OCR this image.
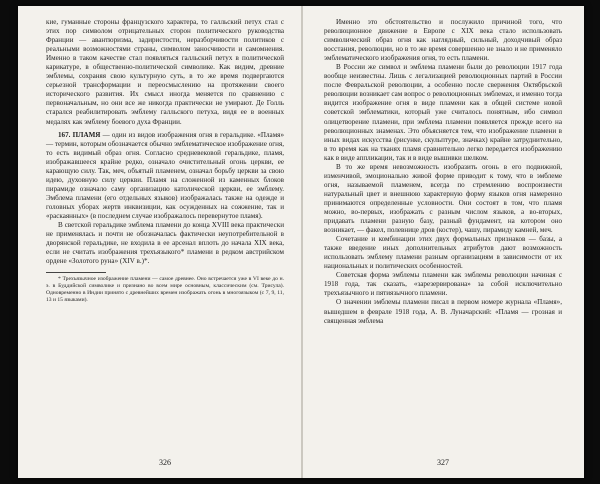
кие, гуманные стороны французского характера, то галльский петух стал с этих пор символом отрицательных сторон политического руководства Франции — авантюризма, задиристости, неразборчивости политиков с реальными возможностями страны, символом заносчивости и самомнения. Именно в таком качестве стал появляться галльский петух в политической карикатуре, в общественно-политической символике. Как видим, древние эмблемы, сохраняя свою культурную суть, в то же время подвергаются серьезной трансформации и переосмыслению на протяжении своего исторического развития. Их смысл иногда меняется по сравнению с первоначальным, но они все же никогда практически не умирают. Де Голль старался реабилитировать эмблему галльского петуха, видя ее в военных медалях как эмблему боевого духа Франции.

167. ПЛАМЯ — один из видов изображения огня в геральдике. «Пламя» — термин, которым обозначается обычно эмблематическое изображение огня, то есть видимый образ огня. Согласно средневековой геральдике, пламя, изображавшееся крайне редко, означало очистительный огонь церкви, ее карающую силу. Так, меч, объятый пламенем, означал борьбу церкви за свою идею, духовную силу церкви. Пламя на сложенной из каменных блоков пирамиде означало саму организацию католической церкви, ее эмблему. Эмблема пламени (его отдельных языков) изображалась также на одежде и головных уборах жертв инквизиции, как осужденных на сожжение, так и «раскаянных» (в последнем случае изображалось перевернутое пламя).

В светской геральдике эмблема пламени до конца XVIII века практически не применялась и почти не обозначалась фактически неупотребительной в дворянской геральдике, не входила в ее арсенал вплоть до начала XIX века, если не считать изображения трехъязыкого* пламени в редком австрийском ордене «Золотого руна» (XIV в.)*.

* Трехъязычное изображение пламени — самое древнее. Оно встречается уже в VI веке до н. э. в Буддийской символике и признано во всем мире основным, классическим (см. Трисула). Одновременно в Индии принято с древнейших времен изображать огонь в многоязыком (с 7, 9, 11, 13 и 15 языками).

326

Именно это обстоятельство и послужило причиной того, что революционное движение в Европе с XIX века стало использовать символический образ огня как наглядный, сильный, доходчивый образ восстания, революции, но в то же время совершенно не знало и не применяло эмблематического изображения огня, то есть пламени.

В России же символ и эмблема пламени были до революции 1917 года вообще неизвестны. Лишь с легализацией революционных партий в России после Февральской революции, а особенно после свержения Октябрьской революции возникает сам вопрос о революционных эмблемах, и именно тогда видится изображение огня в виде пламени как в общей системе новой советской эмблематики, который уже считалось понятным, ибо символ олицетворение пламени, при эмблема пламени появляется прежде всего на революционных знаменах. Это объясняется тем, что изображение пламени в иных видах искусства (рисунке, скульптуре, значках) крайне затруднительно, в то время как на тканях пламя сравнительно легко передается изображению как в виде аппликации, так и в виде вышивки шелком.

В то же время невозможность изобразить огонь в его подвижной, изменчивой, эмоционально живой форме приводит к тому, что в эмблеме огня, называемой пламенем, всегда по стремлению воспроизвести натуральный цвет и внешнюю характерную форму языков огня намеренно принимаются определенные условности. Они состоят в том, что пламя можно, во-первых, изображать с разным числом языков, а во-вторых, придавать пламени разную базу, разный фундамент, на котором оно возникает, — факел, полевнице дров (костер), чашу, пирамиду камней, меч.

Сочетание и комбинации этих двух формальных признаков — базы, а также введение иных дополнительных атрибутов дают возможность использовать эмблему пламени разным организациям в зависимости от их национальных и политических особенностей.

Советская форма эмблемы пламени как эмблемы революции начиная с 1918 года, так сказать, «зарезервирована» за собой исключительно трехъязычного и пятиязычного пламени.

О значении эмблемы пламени писал в первом номере журнала «Пламя», вышедшем в феврале 1918 года, А. В. Луначарский: «Пламя — грозная и священная эмблема

327
